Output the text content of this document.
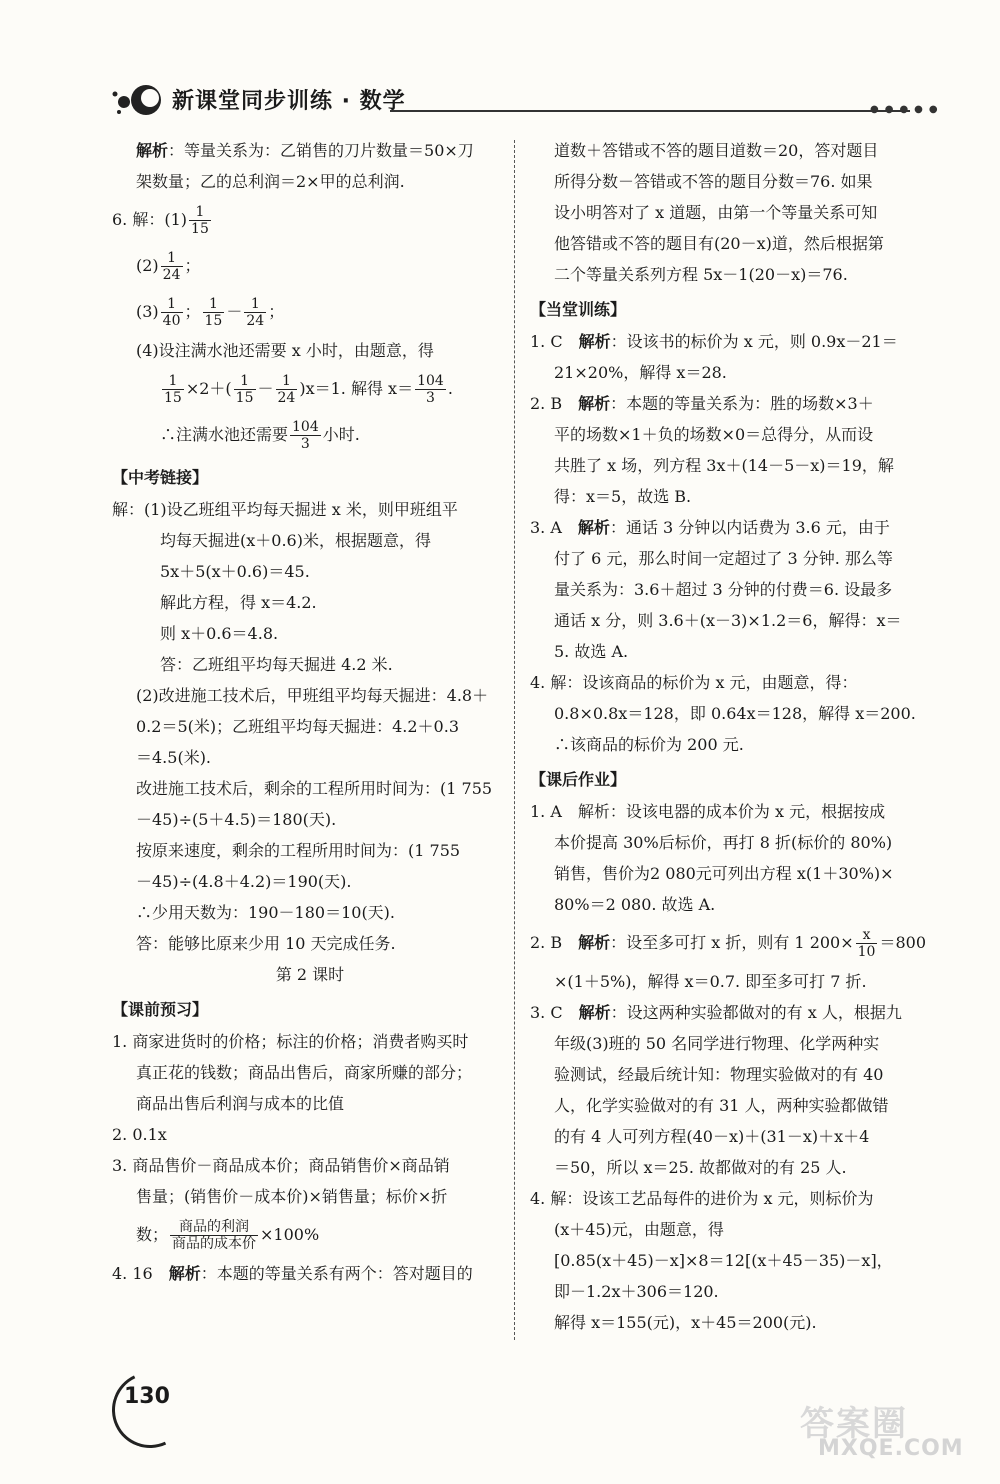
新课堂同步训练 · 数学	●●●●●

解析：等量关系为：乙销售的刀片数量＝50×刀

架数量；乙的总利润＝2×甲的总利润.

6. 解：$(1) \frac{1}{15}$

$(2) \frac{1}{24}$ ；

$(3) \frac{1}{40}$ ； $\frac{1}{15} - \frac{1}{24}$ ；

(4)设注满水池还需要 x 小时，由题意，得

$\frac{1}{15} \times 2+( \frac{1}{15} - \frac{1}{24} )x=1$. 解得 $x= \frac{104}{3}$ .

∴注满水池还需要 $\frac{104}{3}$ 小时.

【中考链接】

解：(1)设乙班组平均每天掘进 x 米，则甲班组平

均每天掘进(x＋0.6)米，根据题意，得

5x＋5(x＋0.6)＝45.

解此方程，得 x＝4.2.

则 x＋0.6＝4.8.

答：乙班组平均每天掘进 4.2 米.

(2)改进施工技术后，甲班组平均每天掘进：4.8＋

0.2＝5(米)；乙班组平均每天掘进：4.2＋0.3

＝4.5(米).

改进施工技术后，剩余的工程所用时间为：(1 755

－45)÷(5＋4.5)＝180(天).

按原来速度，剩余的工程所用时间为：(1 755

－45)÷(4.8＋4.2)＝190(天).

∴少用天数为：190－180＝10(天).

答：能够比原来少用 10 天完成任务.

第 2 课时

【课前预习】

1. 商家进货时的价格；标注的价格；消费者购买时

真正花的钱数；商品出售后，商家所赚的部分；

商品出售后利润与成本的比值

2. 0.1x

3. 商品售价－商品成本价；商品销售价×商品销

售量；(销售价－成本价)×销售量；标价×折

数； $\frac{\text{商品的利润}}{\text{商品的成本价}} \times 100\%$

4. 16　解析：本题的等量关系有两个：答对题目的

道数＋答错或不答的题目道数＝20，答对题目

所得分数－答错或不答的题目分数＝76. 如果

设小明答对了 x 道题，由第一个等量关系可知

他答错或不答的题目有(20－x)道，然后根据第

二个等量关系列方程 5x－1(20－x)＝76.

【当堂训练】

1. C　解析：设该书的标价为 x 元，则 0.9x－21＝

21×20%，解得 x＝28.

2. B　解析：本题的等量关系为：胜的场数×3＋

平的场数×1＋负的场数×0＝总得分，从而设

共胜了 x 场，列方程 3x＋(14－5－x)＝19，解

得：x＝5，故选 B.

3. A　解析：通话 3 分钟以内话费为 3.6 元，由于

付了 6 元，那么时间一定超过了 3 分钟. 那么等

量关系为：3.6＋超过 3 分钟的付费＝6. 设最多

通话 x 分，则 3.6＋(x－3)×1.2＝6，解得：x＝

5. 故选 A.

4. 解：设该商品的标价为 x 元，由题意，得：

0.8×0.8x＝128，即 0.64x＝128，解得 x＝200.

∴该商品的标价为 200 元.

【课后作业】

1. A　解析：设该电器的成本价为 x 元，根据按成

本价提高 30%后标价，再打 8 折(标价的 80%)

销售，售价为2 080元可列出方程 x(1＋30%)×

80%＝2 080. 故选 A.

2. B　解析：设至多可打 x 折，则有 1 $200\times \frac{x}{10} =800$

×(1＋5%)，解得 x＝0.7. 即至多可打 7 折.

3. C　解析：设这两种实验都做对的有 x 人，根据九

年级(3)班的 50 名同学进行物理、化学两种实

验测试，经最后统计知：物理实验做对的有 40

人，化学实验做对的有 31 人，两种实验都做错

的有 4 人可列方程(40－x)＋(31－x)＋x＋4

＝50，所以 x＝25. 故都做对的有 25 人.

4. 解：设该工艺品每件的进价为 x 元，则标价为

(x＋45)元，由题意，得

[0.85(x＋45)－x]×8＝12[(x＋45－35)－x]，

即－1.2x＋306＝120.

解得 x＝155(元)，x＋45＝200(元).

130
答案圈
MXQE.COM
